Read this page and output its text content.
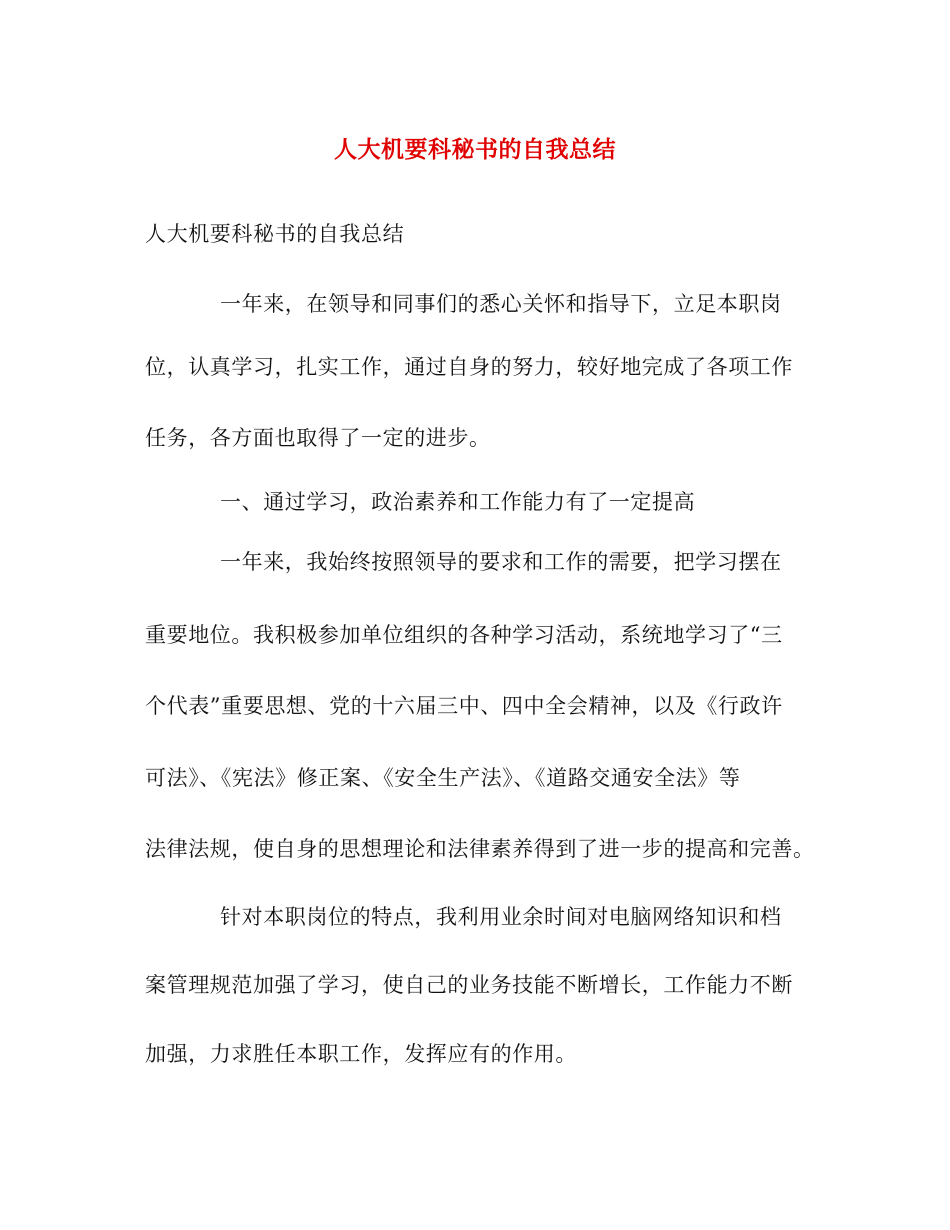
人大机要科秘书的自我总结
人大机要科秘书的自我总结
一年来，在领导和同事们的悉心关怀和指导下，立足本职岗
位，认真学习，扎实工作，通过自身的努力，较好地完成了各项工作
任务，各方面也取得了一定的进步。
一、通过学习，政治素养和工作能力有了一定提高
一年来，我始终按照领导的要求和工作的需要，把学习摆在
重要地位。我积极参加单位组织的各种学习活动，系统地学习了“三
个代表”重要思想、党的十六届三中、四中全会精神，以及《行政许
可法》、《宪法》修正案、《安全生产法》、《道路交通安全法》等
法律法规，使自身的思想理论和法律素养得到了进一步的提高和完善。
针对本职岗位的特点，我利用业余时间对电脑网络知识和档
案管理规范加强了学习，使自己的业务技能不断增长，工作能力不断
加强，力求胜任本职工作，发挥应有的作用。
